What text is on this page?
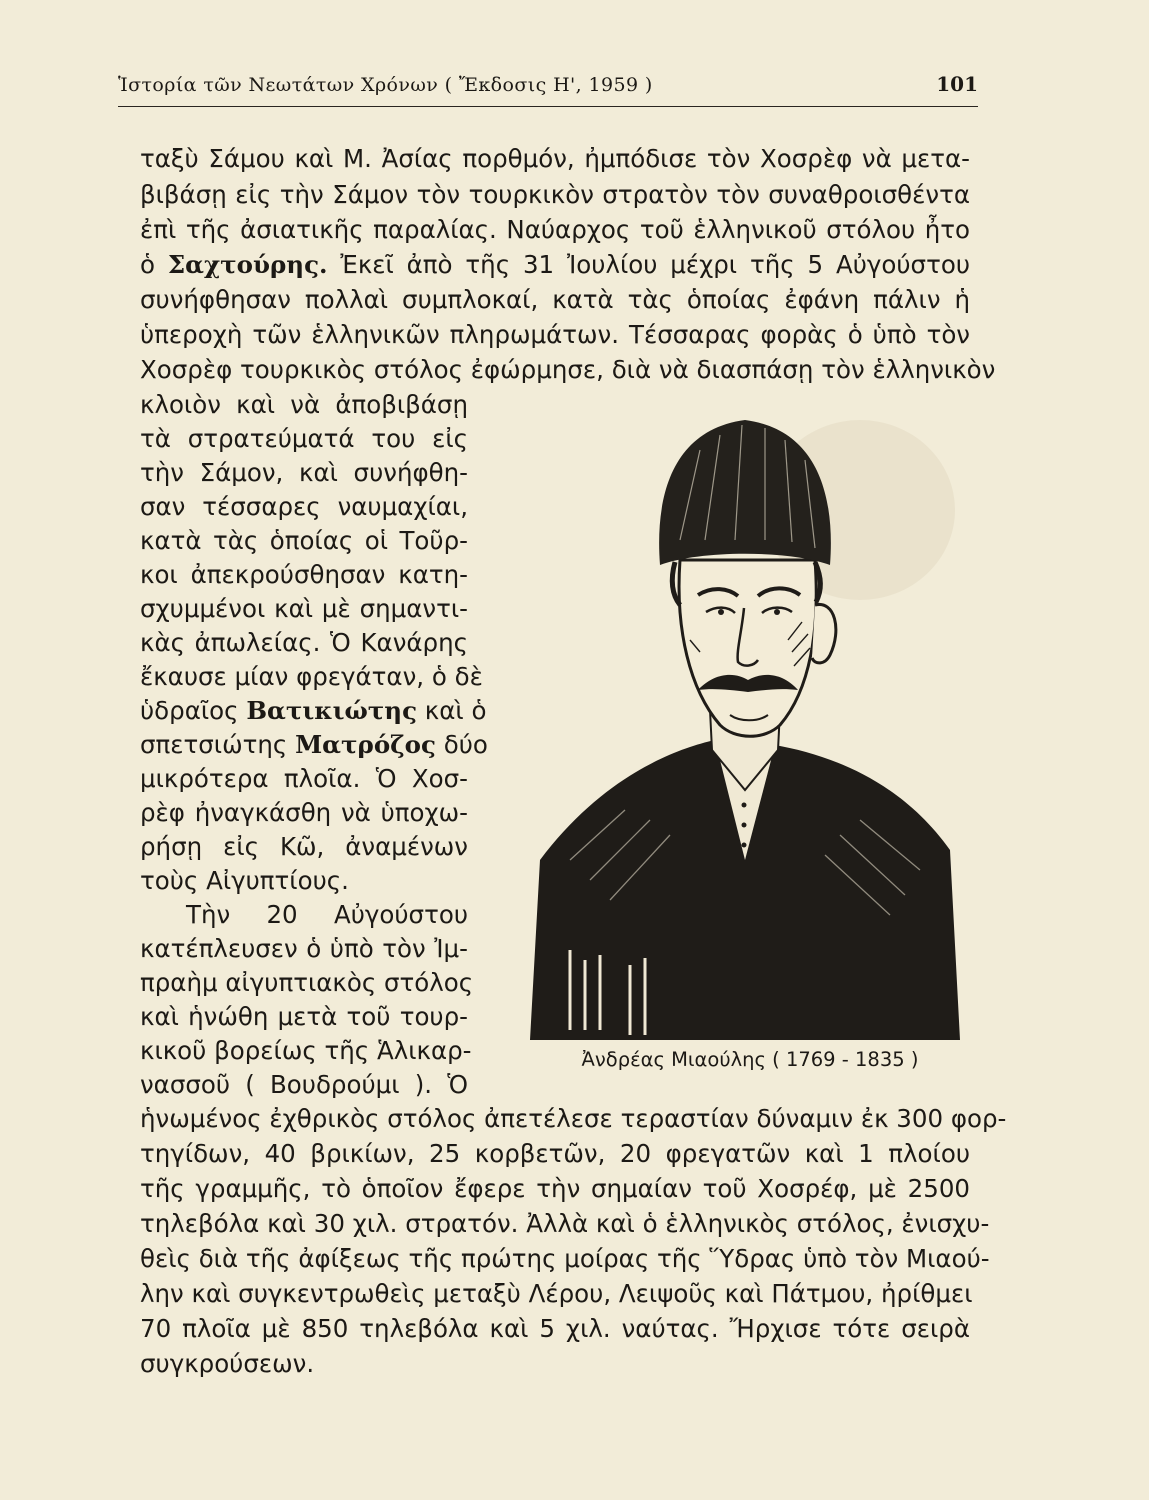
Ἱστορία τῶν Νεωτάτων Χρόνων ( Ἔκδοσις Η', 1959 )	101
ταξὺ Σάμου καὶ Μ. Ἀσίας πορθμόν, ἠμπόδισε τὸν Χοσρὲφ νὰ μετα-
βιβάσῃ εἰς τὴν Σάμον τὸν τουρκικὸν στρατὸν τὸν συναθροισθέντα
ἐπὶ τῆς ἀσιατικῆς παραλίας. Ναύαρχος τοῦ ἑλληνικοῦ στόλου ἦτο
ὁ Σαχτούρης. Ἐκεῖ ἀπὸ τῆς 31 Ἰουλίου μέχρι τῆς 5 Αὐγούστου
συνήφθησαν πολλαὶ συμπλοκαί, κατὰ τὰς ὁποίας ἐφάνη πάλιν ἡ
ὑπεροχὴ τῶν ἑλληνικῶν πληρωμάτων. Τέσσαρας φορὰς ὁ ὑπὸ τὸν
Χοσρὲφ τουρκικὸς στόλος ἐφώρμησε, διὰ νὰ διασπάσῃ τὸν ἑλληνικὸν
κλοιὸν καὶ νὰ ἀποβιβάσῃ
τὰ στρατεύματά του εἰς
τὴν Σάμον, καὶ συνήφθη-
σαν τέσσαρες ναυμαχίαι,
κατὰ τὰς ὁποίας οἱ Τοῦρ-
κοι ἀπεκρούσθησαν κατη-
σχυμμένοι καὶ μὲ σημαντι-
κὰς ἀπωλείας. Ὁ Κανάρης
ἔκαυσε μίαν φρεγάταν, ὁ δὲ
ὑδραῖος Βατικιώτης καὶ ὁ
σπετσιώτης Ματρόζος δύο
μικρότερα πλοῖα. Ὁ Χοσ-
ρὲφ ἠναγκάσθη νὰ ὑποχω-
ρήσῃ εἰς Κῶ, ἀναμένων
τοὺς Αἰγυπτίους.
Τὴν 20 Αὐγούστου
κατέπλευσεν ὁ ὑπὸ τὸν Ἰμ-
πραὴμ αἰγυπτιακὸς στόλος
καὶ ἡνώθη μετὰ τοῦ τουρ-
κικοῦ βορείως τῆς Ἁλικαρ-
νασσοῦ ( Βουδρούμι ). Ὁ
Ἀνδρέας Μιαούλης ( 1769 - 1835 )
ἡνωμένος ἐχθρικὸς στόλος ἀπετέλεσε τεραστίαν δύναμιν ἐκ 300 φορ-
τηγίδων, 40 βρικίων, 25 κορβετῶν, 20 φρεγατῶν καὶ 1 πλοίου
τῆς γραμμῆς, τὸ ὁποῖον ἔφερε τὴν σημαίαν τοῦ Χοσρέφ, μὲ 2500
τηλεβόλα καὶ 30 χιλ. στρατόν. Ἀλλὰ καὶ ὁ ἑλληνικὸς στόλος, ἐνισχυ-
θεὶς διὰ τῆς ἀφίξεως τῆς πρώτης μοίρας τῆς Ὕδρας ὑπὸ τὸν Μιαού-
λην καὶ συγκεντρωθεὶς μεταξὺ Λέρου, Λειψοῦς καὶ Πάτμου, ἠρίθμει
70 πλοῖα μὲ 850 τηλεβόλα καὶ 5 χιλ. ναύτας. Ἤρχισε τότε σειρὰ
συγκρούσεων.
